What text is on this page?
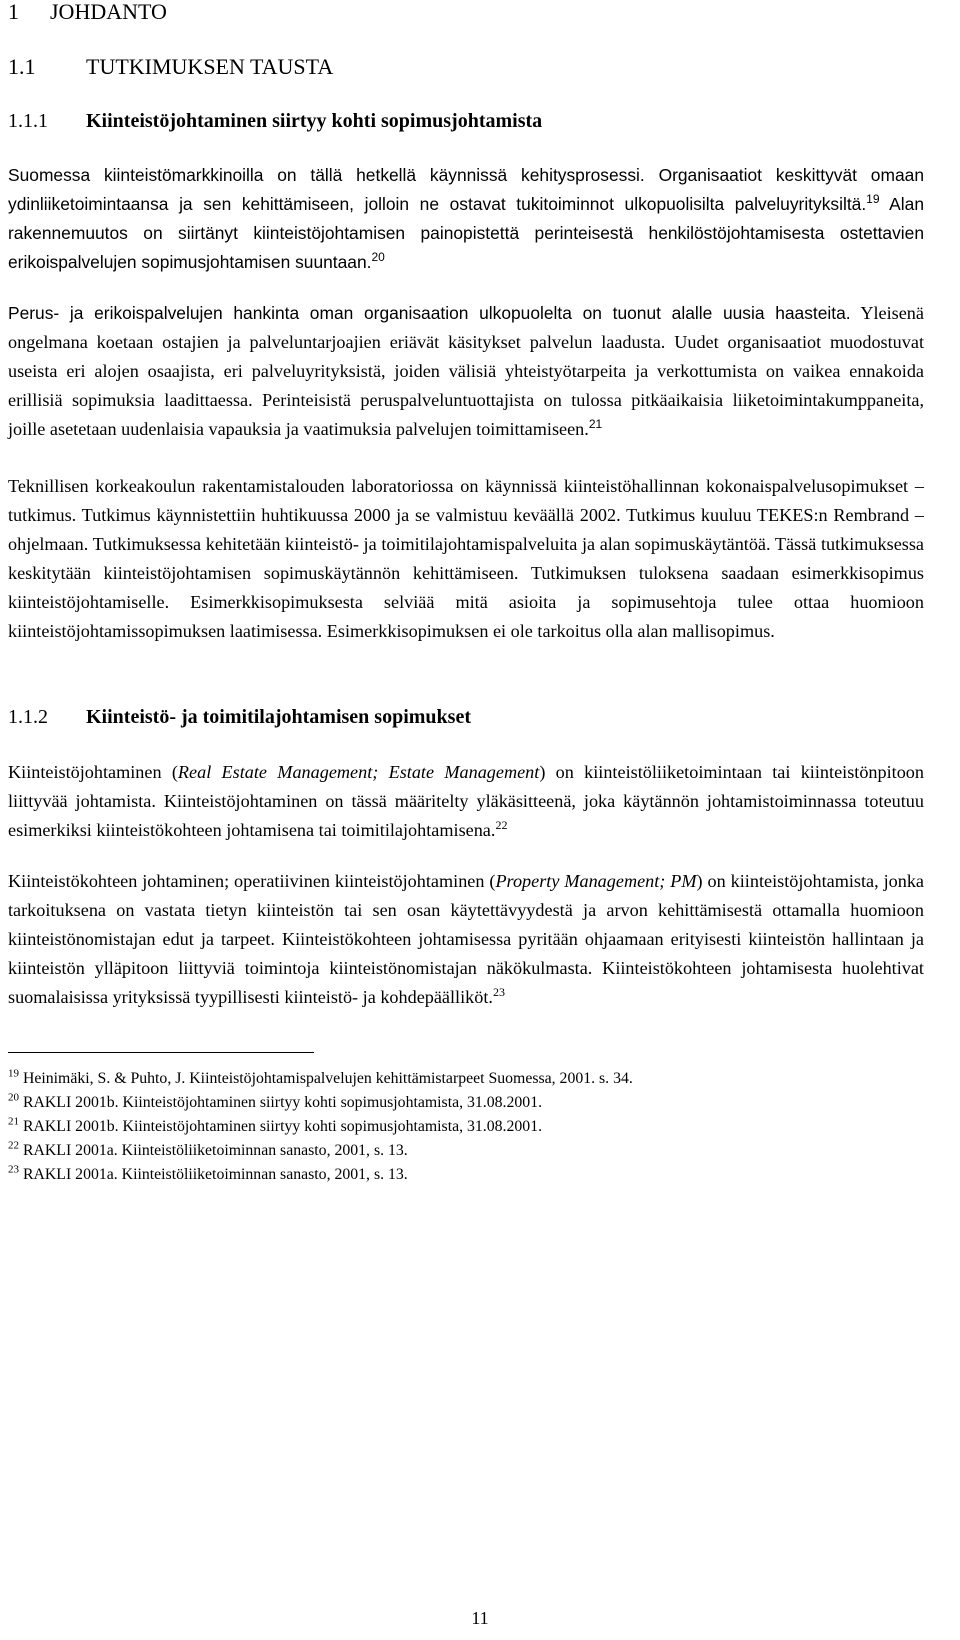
1 JOHDANTO
1.1 TUTKIMUKSEN TAUSTA
1.1.1 Kiinteistöjohtaminen siirtyy kohti sopimusjohtamista

Suomessa kiinteistömarkkinoilla on tällä hetkellä käynnissä kehitysprosessi. Organisaatiot keskittyvät omaan ydinliiketoimintaansa ja sen kehittämiseen, jolloin ne ostavat tukitoiminnot ulkopuolisilta palveluyrityksiltä.$^{19}$ Alan rakennemuutos on siirtänyt kiinteistöjohtamisen painopistettä perinteisestä henkilöstöjohtamisesta ostettavien erikoispalvelujen sopimusjohtamisen suuntaan.$^{20}$

Perus- ja erikoispalvelujen hankinta oman organisaation ulkopuolelta on tuonut alalle uusia haasteita. Yleisenä ongelmana koetaan ostajien ja palveluntarjoajien eriävät käsitykset palvelun laadusta. Uudet organisaatiot muodostuvat useista eri alojen osaajista, eri palveluyrityksistä, joiden välisiä yhteistyötarpeita ja verkottumista on vaikea ennakoida erillisiä sopimuksia laadittaessa. Perinteisistä peruspalveluntuottajista on tulossa pitkäaikaisia liiketoimintakumppaneita, joille asetetaan uudenlaisia vapauksia ja vaatimuksia palvelujen toimittamiseen.$^{21}$

Teknillisen korkeakoulun rakentamistalouden laboratoriossa on käynnissä kiinteistöhallinnan kokonaispalvelusopimukset –tutkimus. Tutkimus käynnistettiin huhtikuussa 2000 ja se valmistuu keväällä 2002. Tutkimus kuuluu TEKES:n Rembrand –ohjelmaan. Tutkimuksessa kehitetään kiinteistö- ja toimitilajohtamispalveluita ja alan sopimuskäytäntöä. Tässä tutkimuksessa keskitytään kiinteistöjohtamisen sopimuskäytännön kehittämiseen. Tutkimuksen tuloksena saadaan esimerkkisopimus kiinteistöjohtamiselle. Esimerkkisopimuksesta selviää mitä asioita ja sopimusehtoja tulee ottaa huomioon kiinteistöjohtamissopimuksen laatimisessa. Esimerkkisopimuksen ei ole tarkoitus olla alan mallisopimus.

1.1.2 Kiinteistö- ja toimitilajohtamisen sopimukset

Kiinteistöjohtaminen (Real Estate Management; Estate Management) on kiinteistöliiketoimintaan tai kiinteistönpitoon liittyvää johtamista. Kiinteistöjohtaminen on tässä määritelty yläkäsitteenä, joka käytännön johtamistoiminnassa toteutuu esimerkiksi kiinteistökohteen johtamisena tai toimitilajohtamisena.$^{22}$

Kiinteistökohteen johtaminen; operatiivinen kiinteistöjohtaminen (Property Management; PM) on kiinteistöjohtamista, jonka tarkoituksena on vastata tietyn kiinteistön tai sen osan käytettävyydestä ja arvon kehittämisestä ottamalla huomioon kiinteistönomistajan edut ja tarpeet. Kiinteistökohteen johtamisessa pyritään ohjaamaan erityisesti kiinteistön hallintaan ja kiinteistön ylläpitoon liittyviä toimintoja kiinteistönomistajan näkökulmasta. Kiinteistökohteen johtamisesta huolehtivat suomalaisissa yrityksissä tyypillisesti kiinteistö- ja kohdepäälliköt.$^{23}$

$^{19}$ Heinimäki, S. & Puhto, J. Kiinteistöjohtamispalvelujen kehittämistarpeet Suomessa, 2001. s. 34.

$^{20}$ RAKLI 2001b. Kiinteistöjohtaminen siirtyy kohti sopimusjohtamista, 31.08.2001.

$^{21}$ RAKLI 2001b. Kiinteistöjohtaminen siirtyy kohti sopimusjohtamista, 31.08.2001.

$^{22}$ RAKLI 2001a. Kiinteistöliiketoiminnan sanasto, 2001, s. 13.

$^{23}$ RAKLI 2001a. Kiinteistöliiketoiminnan sanasto, 2001, s. 13.

11
